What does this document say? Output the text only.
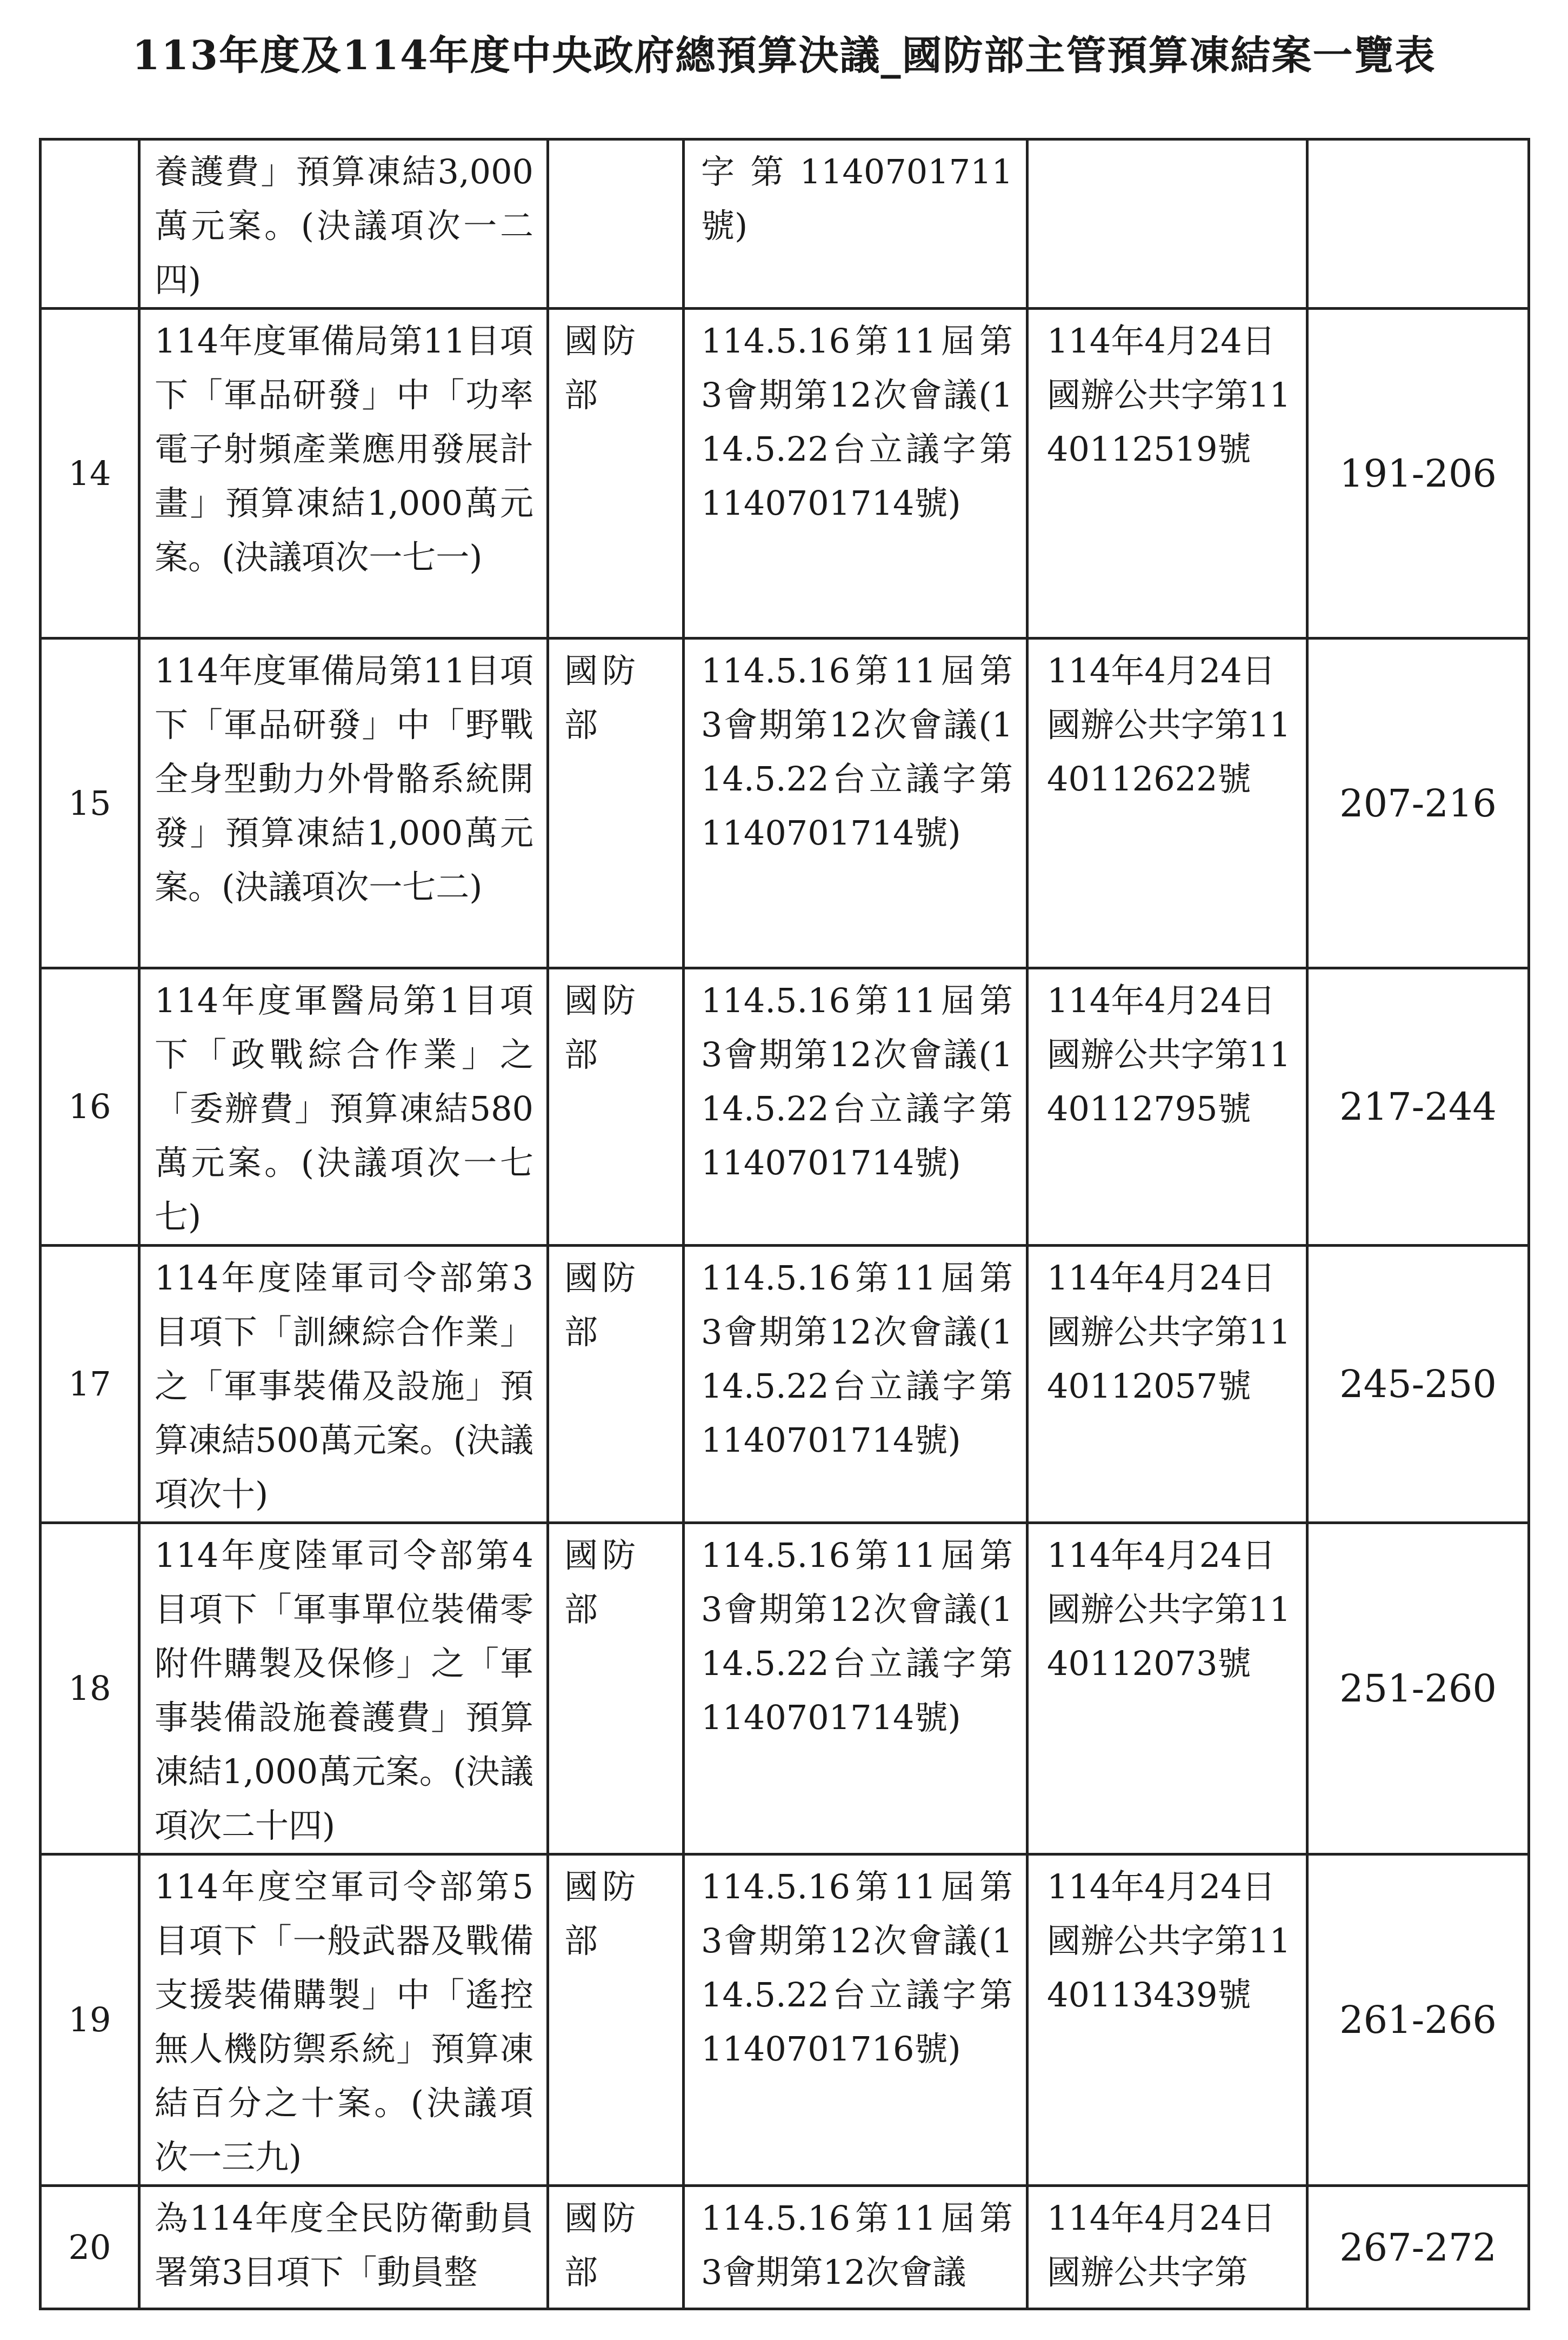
113年度及114年度中央政府總預算決議_國防部主管預算凍結案一覽表
	養護費」預算凍結3,000萬元案。(決議項次一二四)		字第1140701711號)		
14	114年度軍備局第11目項下「軍品研發」中「功率電子射頻產業應用發展計畫」預算凍結1,000萬元案。(決議項次一七一)	國防部	114.5.16第11屆第3會期第12次會議(114.5.22台立議字第1140701714號)	114年4月24日國辦公共字第1140112519號	191-206
15	114年度軍備局第11目項下「軍品研發」中「野戰全身型動力外骨骼系統開發」預算凍結1,000萬元案。(決議項次一七二)	國防部	114.5.16第11屆第3會期第12次會議(114.5.22台立議字第1140701714號)	114年4月24日國辦公共字第1140112622號	207-216
16	114年度軍醫局第1目項下「政戰綜合作業」之「委辦費」預算凍結580萬元案。(決議項次一七七)	國防部	114.5.16第11屆第3會期第12次會議(114.5.22台立議字第1140701714號)	114年4月24日國辦公共字第1140112795號	217-244
17	114年度陸軍司令部第3目項下「訓練綜合作業」之「軍事裝備及設施」預算凍結500萬元案。(決議項次十)	國防部	114.5.16第11屆第3會期第12次會議(114.5.22台立議字第1140701714號)	114年4月24日國辦公共字第1140112057號	245-250
18	114年度陸軍司令部第4目項下「軍事單位裝備零附件購製及保修」之「軍事裝備設施養護費」預算凍結1,000萬元案。(決議項次二十四)	國防部	114.5.16第11屆第3會期第12次會議(114.5.22台立議字第1140701714號)	114年4月24日國辦公共字第1140112073號	251-260
19	114年度空軍司令部第5目項下「一般武器及戰備支援裝備購製」中「遙控無人機防禦系統」預算凍結百分之十案。(決議項次一三九)	國防部	114.5.16第11屆第3會期第12次會議(114.5.22台立議字第1140701716號)	114年4月24日國辦公共字第1140113439號	261-266
20	為114年度全民防衛動員署第3目項下「動員整	國防部	114.5.16第11屆第3會期第12次會議	114年4月24日國辦公共字第	267-272
